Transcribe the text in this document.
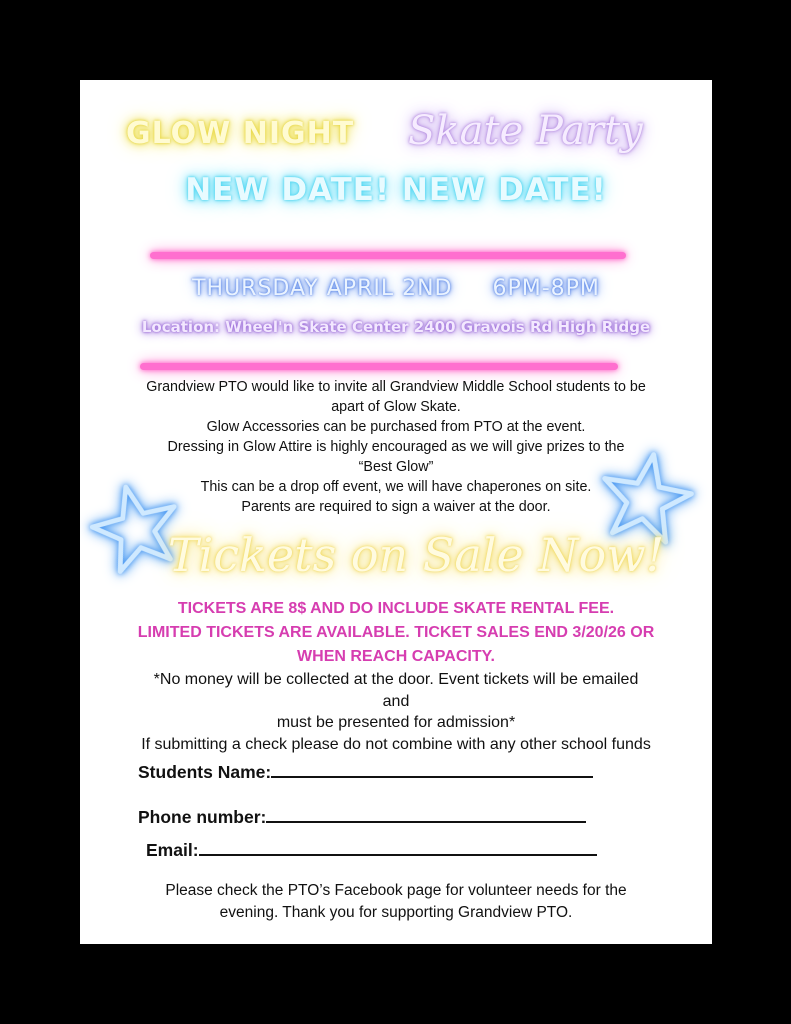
GLOW NIGHT Skate Party
NEW DATE! NEW DATE!
THURSDAY APRIL 2ND     6PM-8PM
Location: Wheel'n Skate Center 2400 Gravois Rd High Ridge
Grandview PTO would like to invite all Grandview Middle School students to be
apart of Glow Skate.
Glow Accessories can be purchased from PTO at the event.
Dressing in Glow Attire is highly encouraged as we will give prizes to the
“Best Glow”
This can be a drop off event, we will have chaperones on site.
Parents are required to sign a waiver at the door.
Tickets on Sale Now!
TICKETS ARE 8$ AND DO INCLUDE SKATE RENTAL FEE.
LIMITED TICKETS ARE AVAILABLE. TICKET SALES END 3/20/26 OR
WHEN REACH CAPACITY.
*No money will be collected at the door. Event tickets will be emailed
and
must be presented for admission*
If submitting a check please do not combine with any other school funds
Students Name:
Phone number:
Email:
Please check the PTO’s Facebook page for volunteer needs for the
evening. Thank you for supporting Grandview PTO.
